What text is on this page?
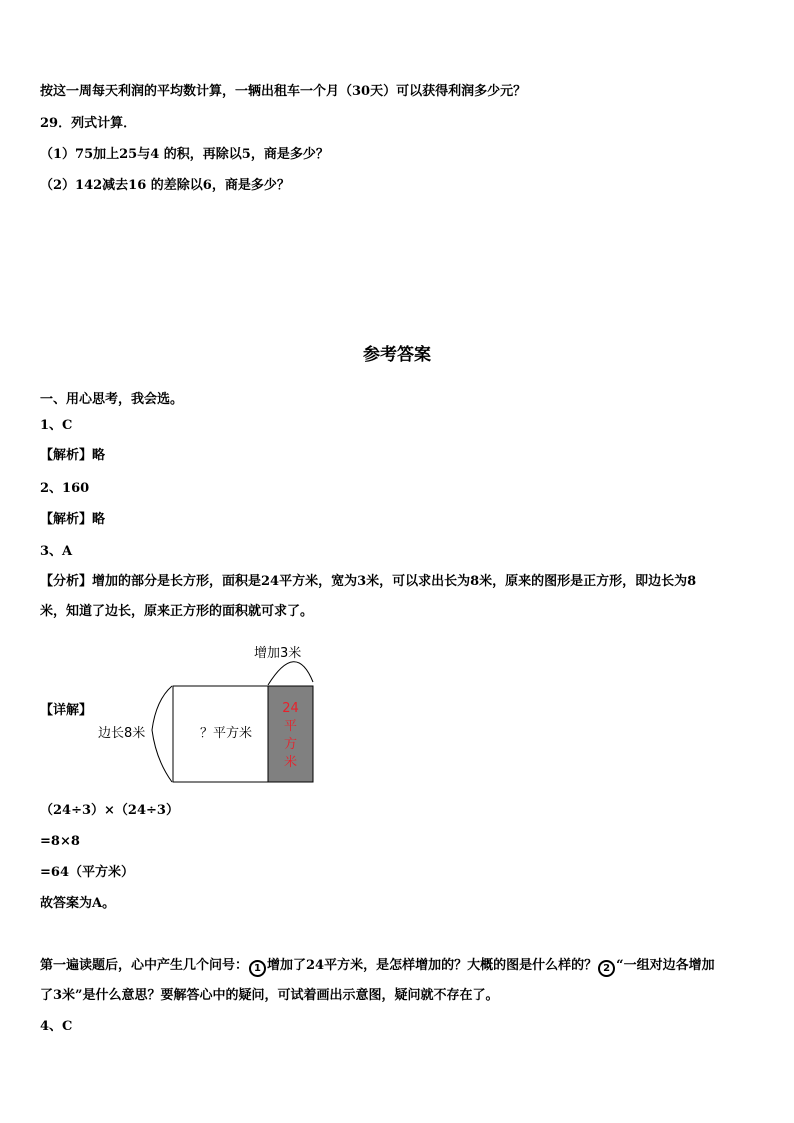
按这一周每天利润的平均数计算，一辆出租车一个月（30天）可以获得利润多少元？
29．列式计算．
（1）75加上25与4 的积，再除以5，商是多少？
（2）142减去16 的差除以6，商是多少？
参考答案
一、用心思考，我会选。
1、C
【解析】略
2、160
【解析】略
3、A
【分析】增加的部分是长方形，面积是24平方米，宽为3米，可以求出长为8米，原来的图形是正方形，即边长为8
米，知道了边长，原来正方形的面积就可求了。
【详解】
增加3米
边长8米	？平方米
24
平
方
米
（24÷3）×（24÷3）
=8×8
=64（平方米）
故答案为A。
第一遍读题后，心中产生几个问号： 1 增加了24平方米，是怎样增加的？大概的图是什么样的？ 2 “一组对边各增加
了3米”是什么意思？要解答心中的疑问，可试着画出示意图，疑问就不存在了。
4、C
